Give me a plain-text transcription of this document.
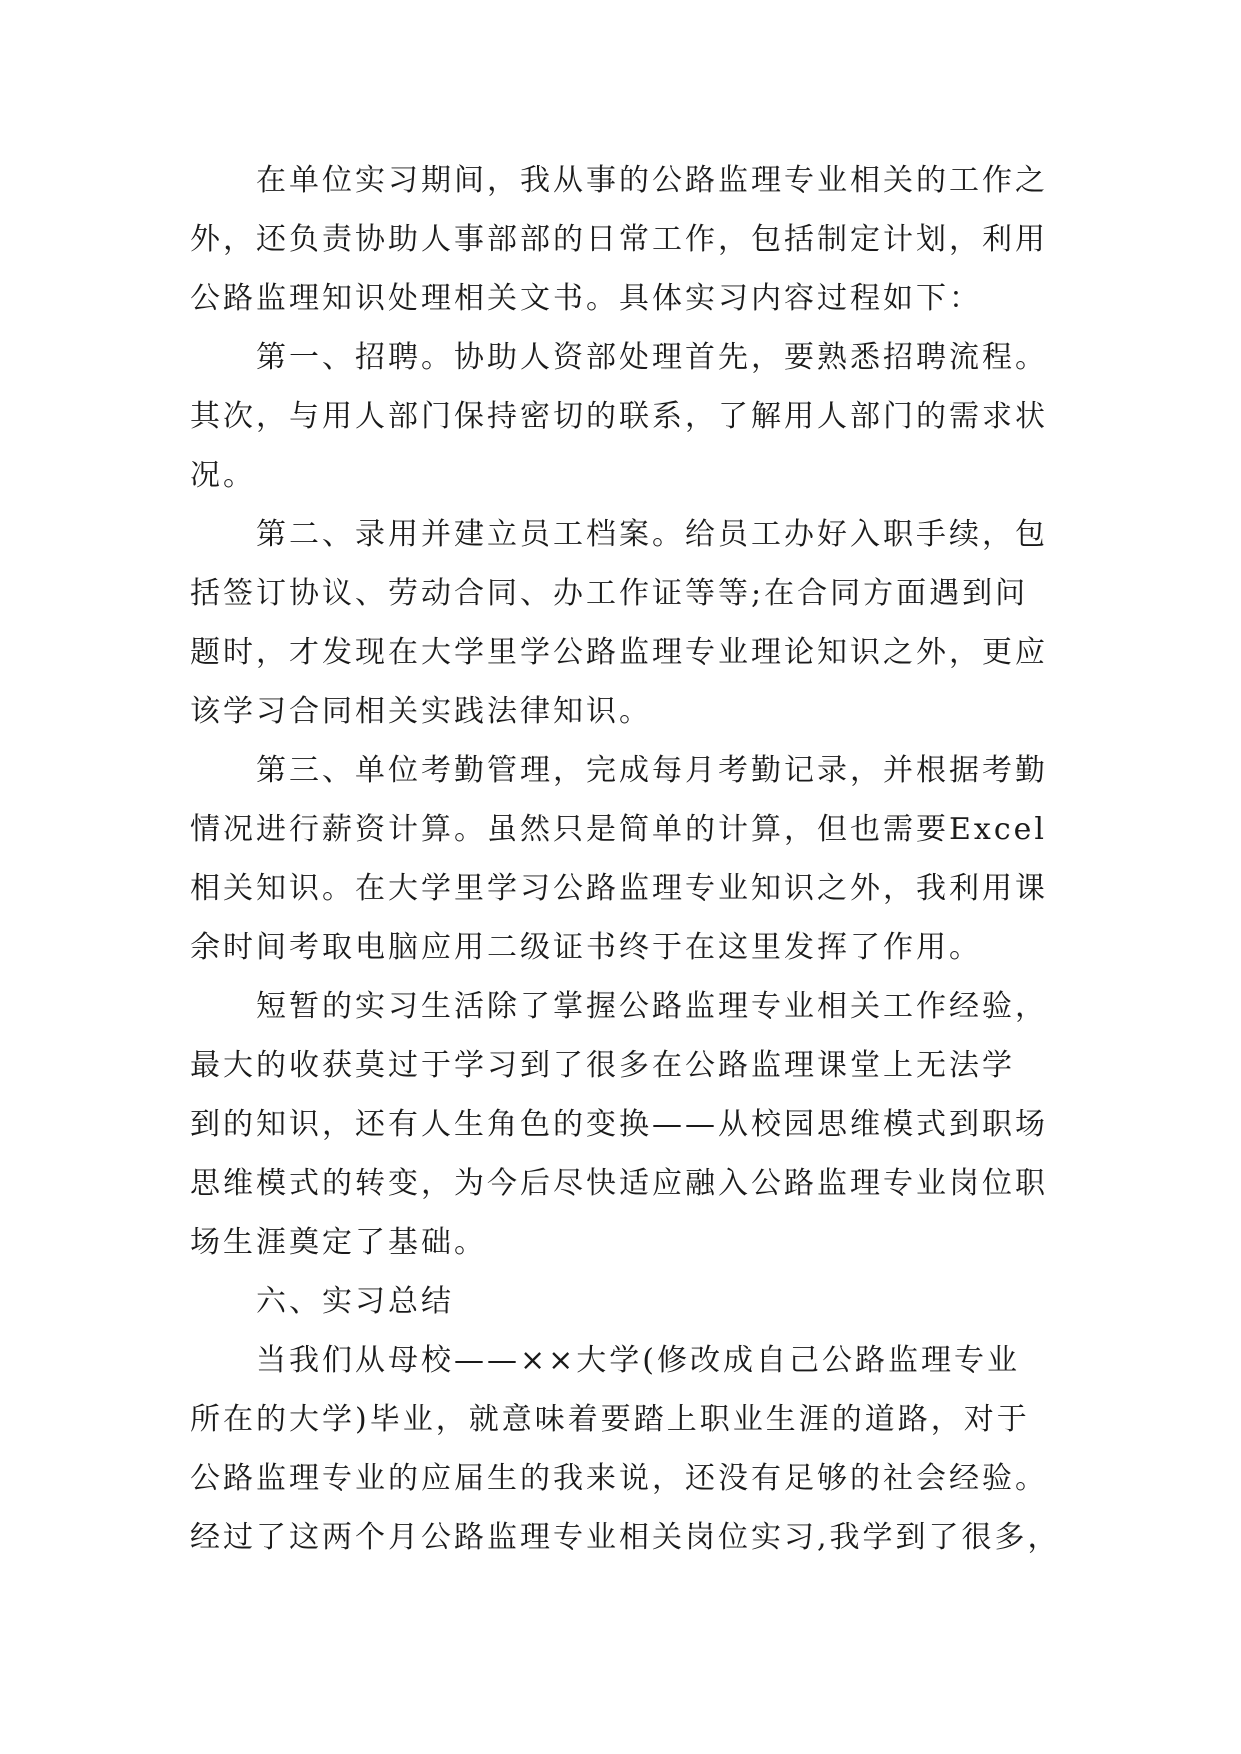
在单位实习期间，我从事的公路监理专业相关的工作之
外，还负责协助人事部部的日常工作，包括制定计划，利用
公路监理知识处理相关文书。具体实习内容过程如下：

第一、招聘。协助人资部处理首先，要熟悉招聘流程。
其次，与用人部门保持密切的联系，了解用人部门的需求状
况。

第二、录用并建立员工档案。给员工办好入职手续，包
括签订协议、劳动合同、办工作证等等;在合同方面遇到问
题时，才发现在大学里学公路监理专业理论知识之外，更应
该学习合同相关实践法律知识。

第三、单位考勤管理，完成每月考勤记录，并根据考勤
情况进行薪资计算。虽然只是简单的计算，但也需要Excel
相关知识。在大学里学习公路监理专业知识之外，我利用课
余时间考取电脑应用二级证书终于在这里发挥了作用。

短暂的实习生活除了掌握公路监理专业相关工作经验，
最大的收获莫过于学习到了很多在公路监理课堂上无法学
到的知识，还有人生角色的变换——从校园思维模式到职场
思维模式的转变，为今后尽快适应融入公路监理专业岗位职
场生涯奠定了基础。

六、实习总结

当我们从母校——××大学(修改成自己公路监理专业
所在的大学)毕业，就意味着要踏上职业生涯的道路，对于
公路监理专业的应届生的我来说，还没有足够的社会经验。
经过了这两个月公路监理专业相关岗位实习,我学到了很多，
